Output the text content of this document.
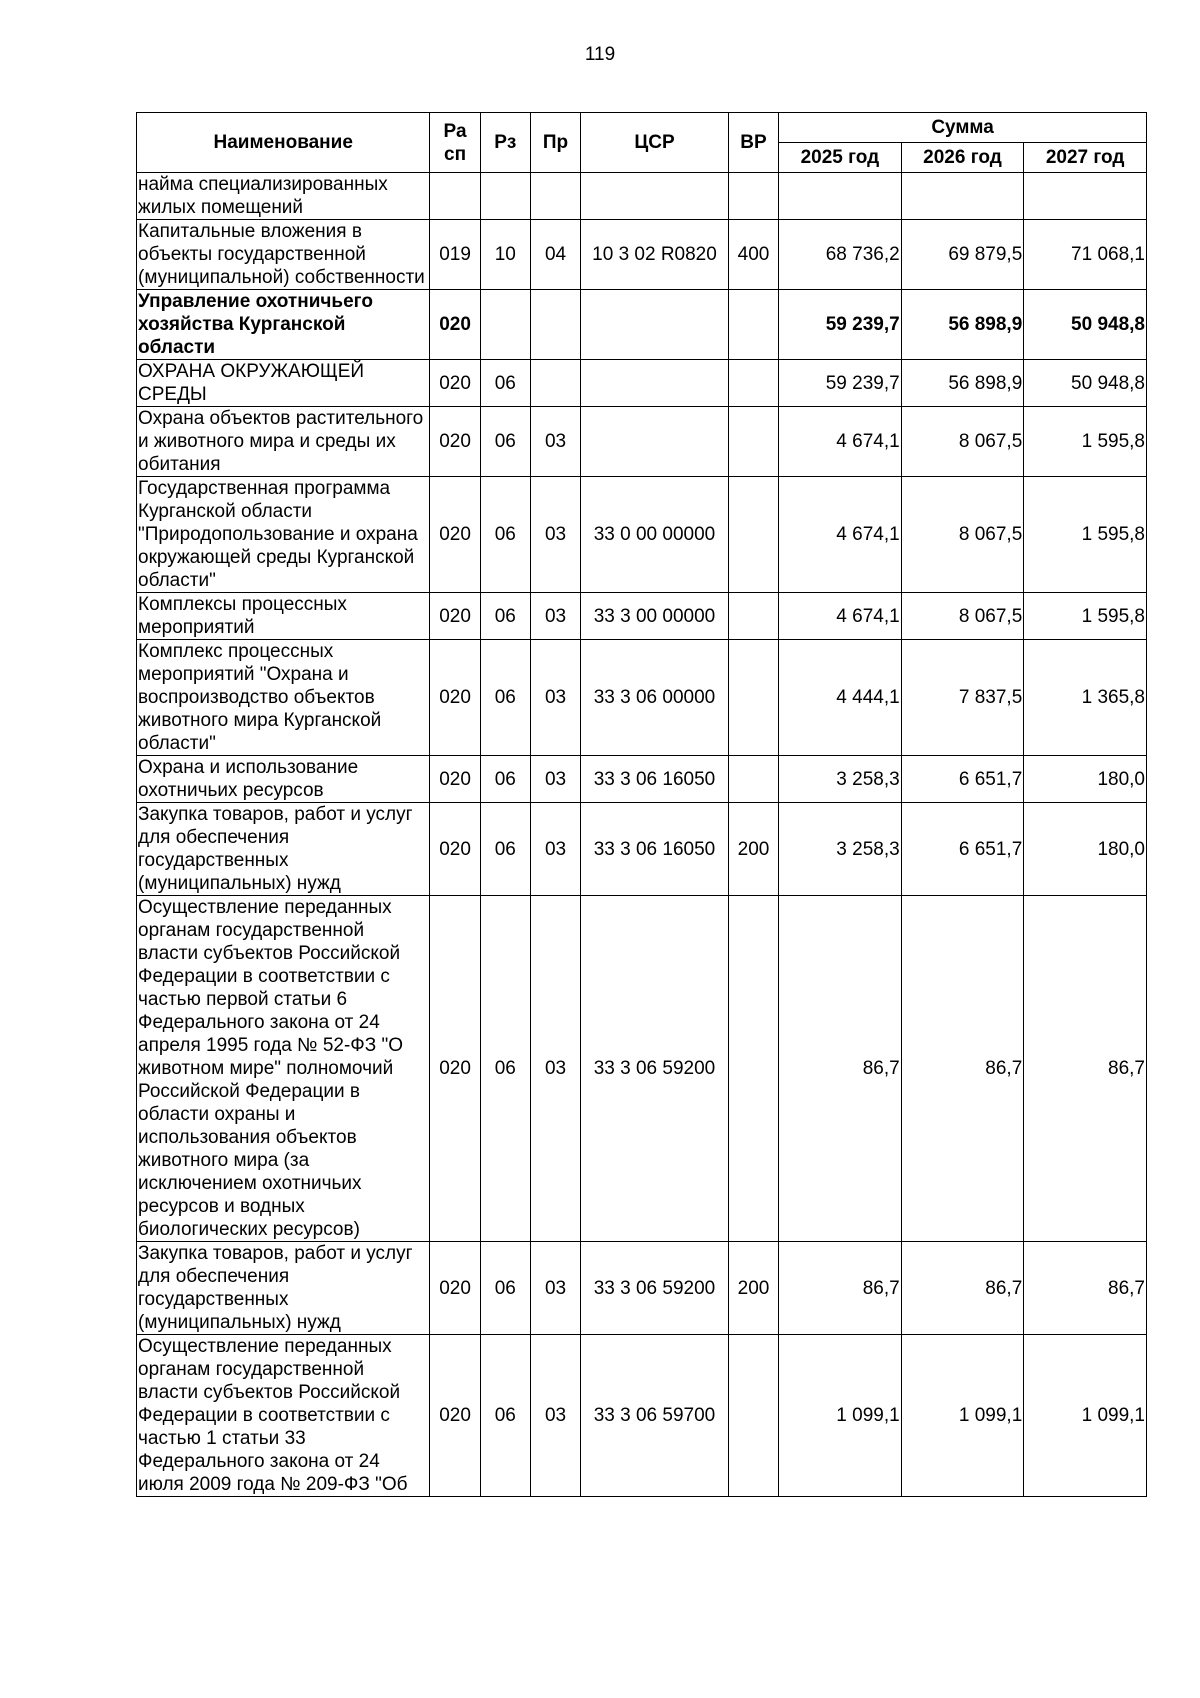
119
Наименование	Ра сп	Рз	Пр	ЦСР	ВР	Сумма		
						2025 год	2026 год	2027 год
найма специализированных жилых помещений								
Капитальные вложения в объекты государственной (муниципальной) собственности	019	10	04	10 3 02 R0820	400	68 736,2	69 879,5	71 068,1
Управление охотничьего хозяйства Курганской области	020					59 239,7	56 898,9	50 948,8
ОХРАНА ОКРУЖАЮЩЕЙ СРЕДЫ	020	06				59 239,7	56 898,9	50 948,8
Охрана объектов растительного и животного мира и среды их обитания	020	06	03			4 674,1	8 067,5	1 595,8
Государственная программа Курганской области "Природопользование и охрана окружающей среды Курганской области"	020	06	03	33 0 00 00000		4 674,1	8 067,5	1 595,8
Комплексы процессных мероприятий	020	06	03	33 3 00 00000		4 674,1	8 067,5	1 595,8
Комплекс процессных мероприятий "Охрана и воспроизводство объектов животного мира Курганской области"	020	06	03	33 3 06 00000		4 444,1	7 837,5	1 365,8
Охрана и использование охотничьих ресурсов	020	06	03	33 3 06 16050		3 258,3	6 651,7	180,0
Закупка товаров, работ и услуг для обеспечения государственных (муниципальных) нужд	020	06	03	33 3 06 16050	200	3 258,3	6 651,7	180,0
Осуществление переданных органам государственной власти субъектов Российской Федерации в соответствии с частью первой статьи 6 Федерального закона от 24 апреля 1995 года № 52-ФЗ "О животном мире" полномочий Российской Федерации в области охраны и использования объектов животного мира (за исключением охотничьих ресурсов и водных биологических ресурсов)	020	06	03	33 3 06 59200		86,7	86,7	86,7
Закупка товаров, работ и услуг для обеспечения государственных (муниципальных) нужд	020	06	03	33 3 06 59200	200	86,7	86,7	86,7
Осуществление переданных органам государственной власти субъектов Российской Федерации в соответствии с частью 1 статьи 33 Федерального закона от 24 июля 2009 года № 209-ФЗ "Об	020	06	03	33 3 06 59700		1 099,1	1 099,1	1 099,1
